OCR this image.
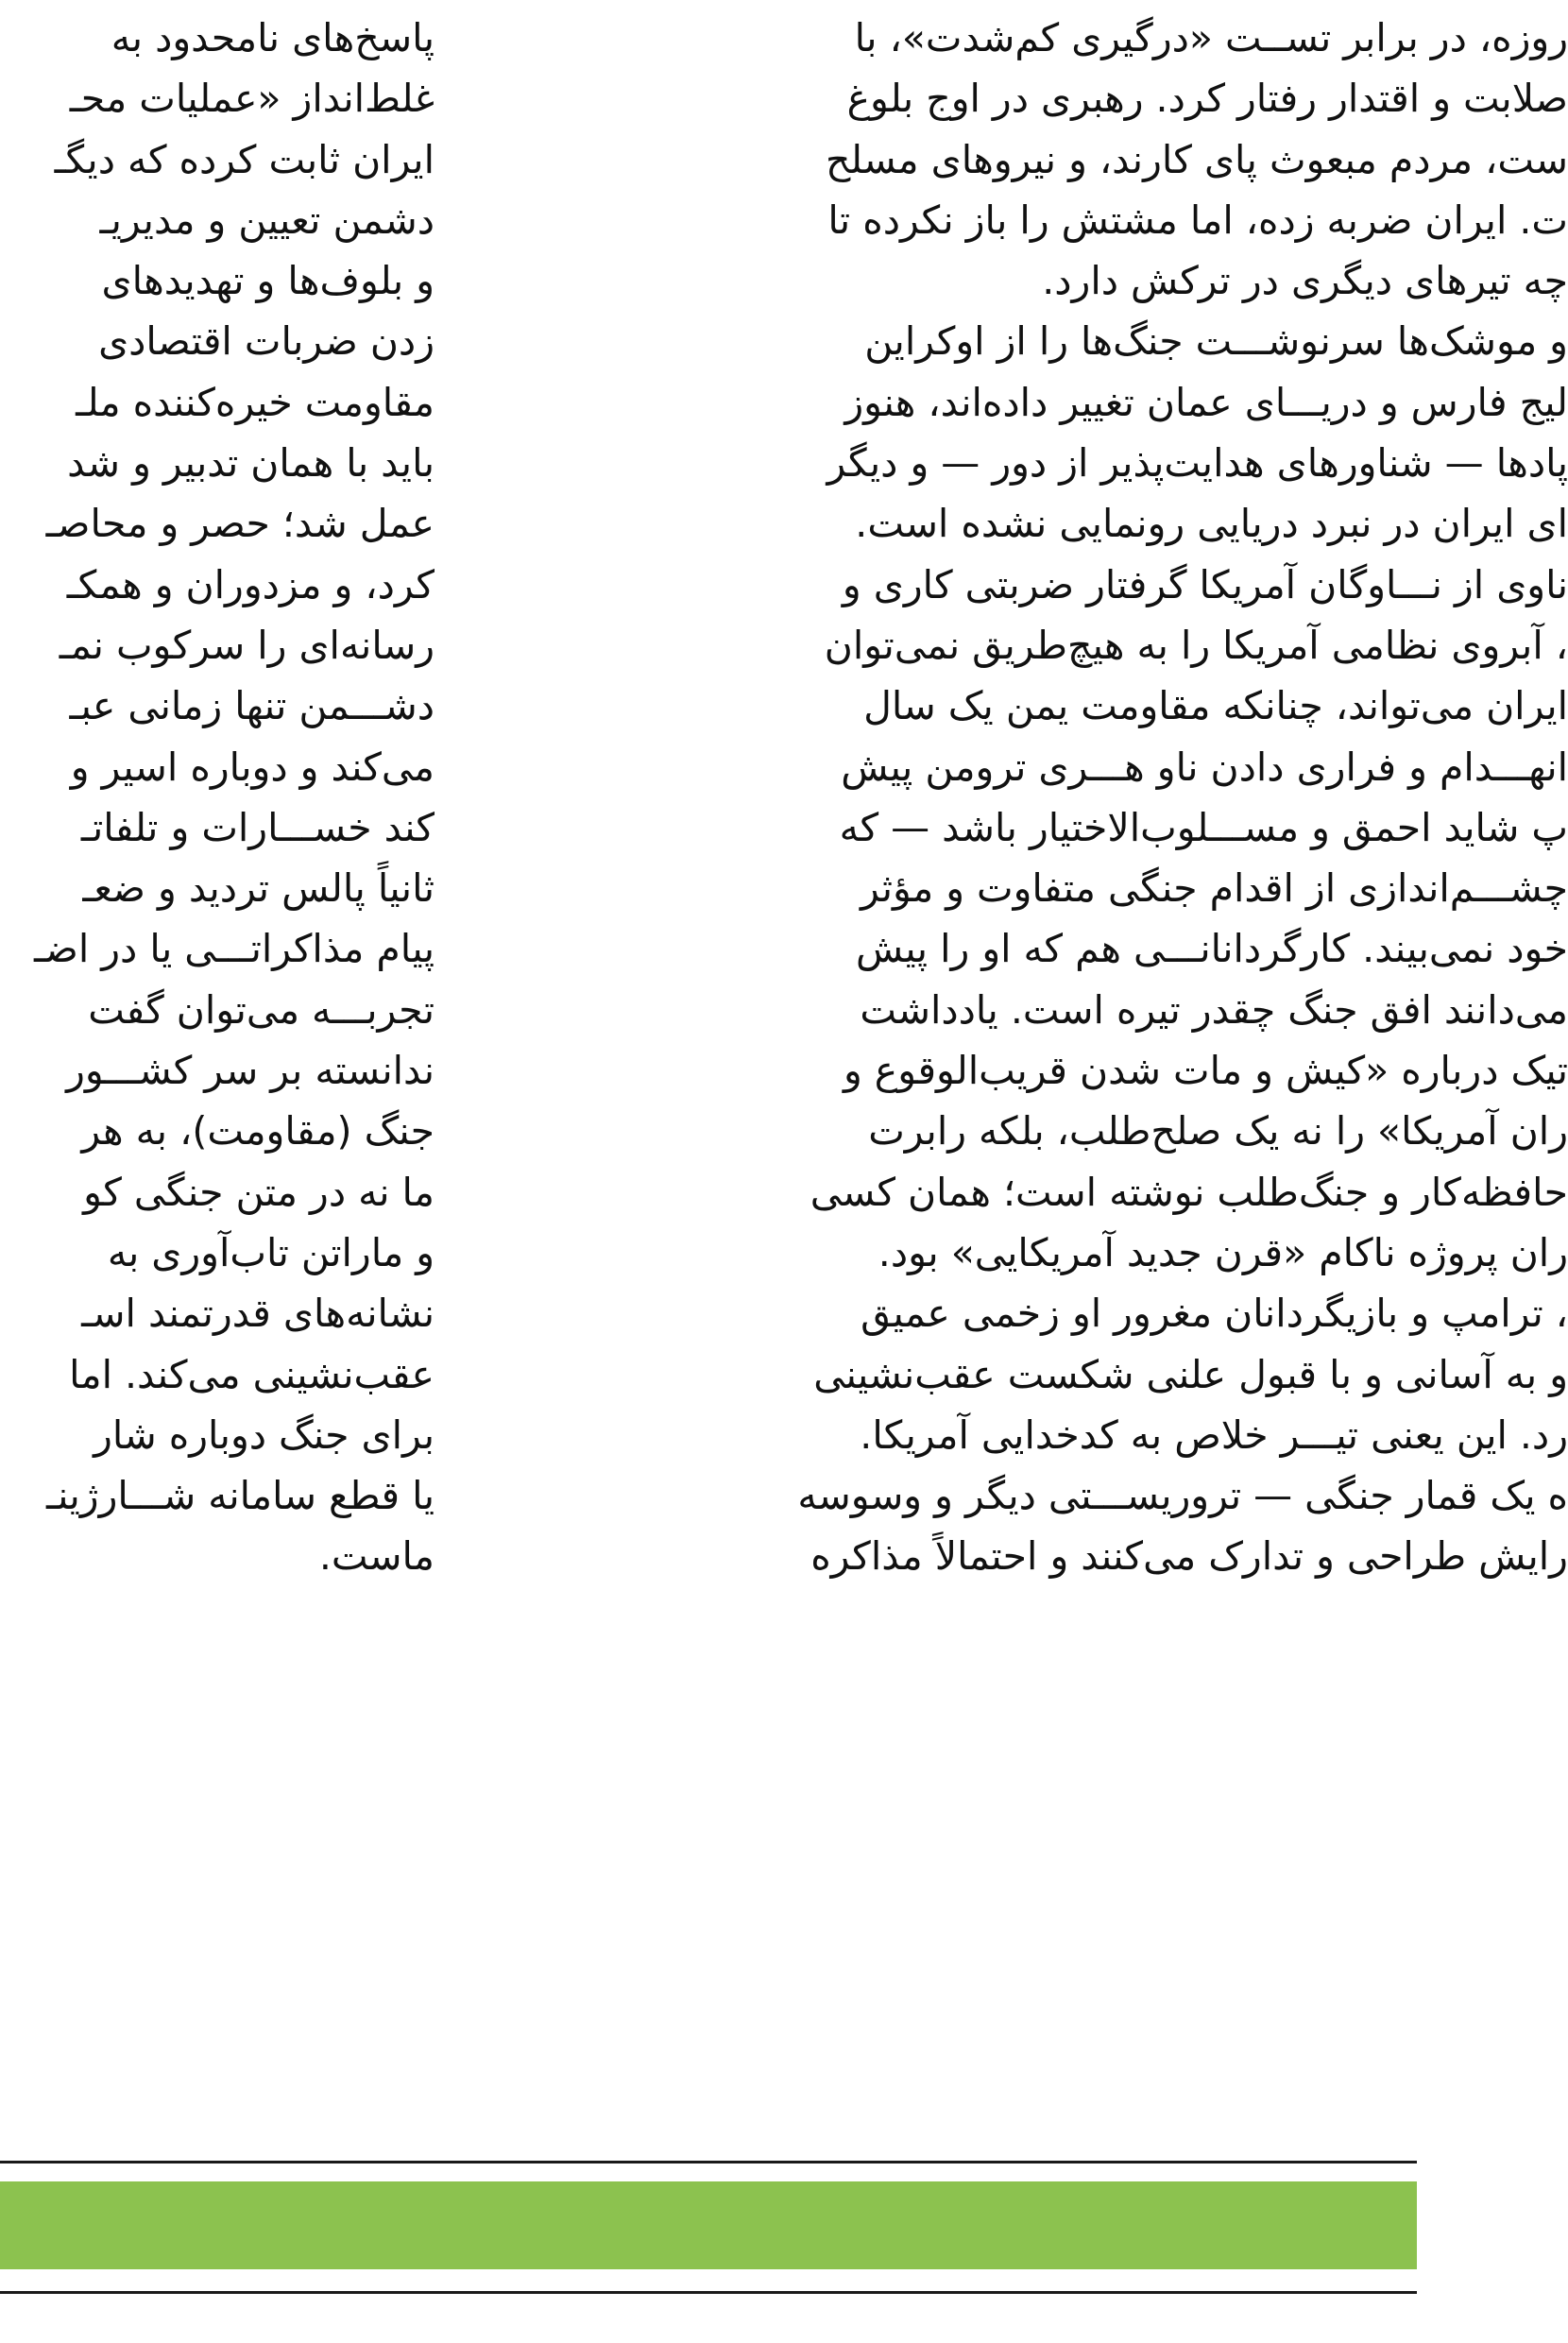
روزه، در برابر تســت «درگیری کم‌شدت»، با
صلابت و اقتدار رفتار کرد. رهبری در اوج بلوغ
ست، مردم مبعوث پای کارند، و نیروهای مسلح
ت. ایران ضربه زده، اما مشتش را باز نکرده تا
چه تیرهای دیگری در ترکش دارد.
و موشک‌ها سرنوشـــت جنگ‌ها را از اوکراین
لیج فارس و دریـــای عمان تغییر داده‌اند، هنوز
پادها — شناورهای هدایت‌پذیر از دور — و دیگر
ای ایران در نبرد دریایی رونمایی نشده است.
ناوی از نـــاوگان آمریکا گرفتار ضربتی کاری و
، آبروی نظامی آمریکا را به هیچ‌طریق نمی‌توان
ایران می‌تواند، چنانکه مقاومت یمن یک سال
انهـــدام و فراری دادن ناو هـــری ترومن پیش
پ شاید احمق و مســـلوب‌الاختیار باشد — که
چشـــم‌اندازی از اقدام جنگی متفاوت و مؤثر
خود نمی‌بیند. کارگردانانـــی هم که او را پیش
می‌دانند افق جنگ چقدر تیره است. یادداشت
تیک درباره «کیش و مات شدن قریب‌الوقوع و
ران آمریکا» را نه یک صلح‌طلب، بلکه رابرت
حافظه‌کار و جنگ‌طلب نوشته است؛ همان کسی
ران پروژه ناکام «قرن جدید آمریکایی» بود.
، ترامپ و بازیگردانان مغرور او زخمی عمیق
و به آسانی و با قبول علنی شکست عقب‌نشینی
رد. این یعنی تیـــر خلاص به کدخدایی آمریکا.
ه یک قمار جنگی — تروریســـتی دیگر و وسوسه
رایش طراحی و تدارک می‌کنند و احتمالاً مذاکره
پاسخ‌های نامحدود به
غلط‌انداز «عملیات محـ
ایران ثابت کرده که دیگـ
دشمن تعیین و مدیریـ
و بلوف‌ها و تهدیدهای
زدن ضربات اقتصادی
مقاومت خیره‌کننده ملـ
باید با همان تدبیر و شد
عمل شد؛ حصر و محاصـ
کرد، و مزدوران و همکـ
رسانه‌ای را سرکوب نمـ
دشـــمن تنها زمانی عبـ
می‌کند و دوباره اسیر و
کند خســـارات و تلفاتـ
ثانیاً پالس تردید و ضعـ
پیام مذاکراتـــی یا در اضـ
تجربـــه می‌توان گفت
ندانسته بر سر کشـــور
جنگ (مقاومت)، به هر
ما نه در متن جنگی کو
و ماراتن تاب‌آوری به
نشانه‌های قدرتمند اسـ
عقب‌نشینی می‌کند. اما
برای جنگ دوباره شار
یا قطع سامانه شـــارژینـ
ماست.
